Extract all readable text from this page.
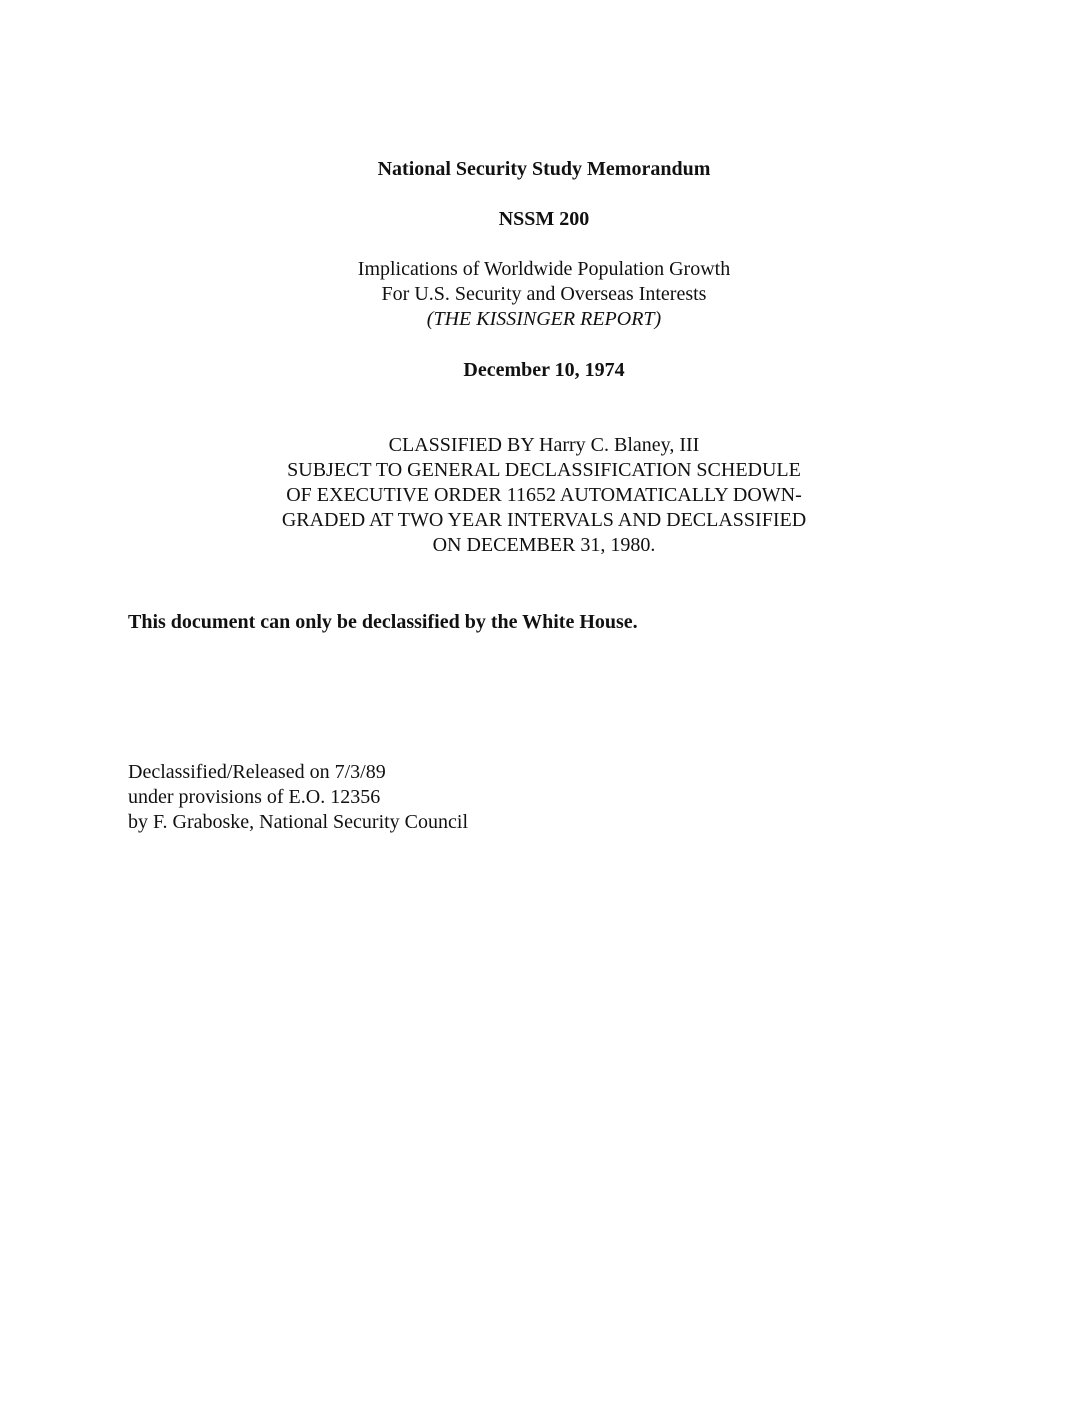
National Security Study Memorandum

NSSM 200

Implications of Worldwide Population Growth
For U.S. Security and Overseas Interests
(THE KISSINGER REPORT)

December 10, 1974

CLASSIFIED BY Harry C. Blaney, III
SUBJECT TO GENERAL DECLASSIFICATION SCHEDULE
OF EXECUTIVE ORDER 11652 AUTOMATICALLY DOWN-
GRADED AT TWO YEAR INTERVALS AND DECLASSIFIED
ON DECEMBER 31, 1980.

This document can only be declassified by the White House.

Declassified/Released on 7/3/89
under provisions of E.O. 12356
by F. Graboske, National Security Council
